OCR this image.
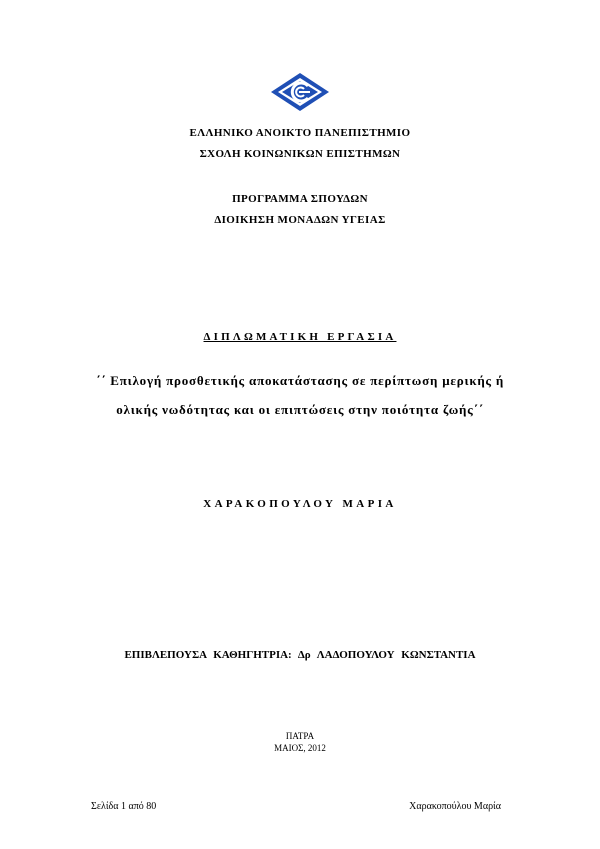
ΕΛΛΗΝΙΚΟ ΑΝΟΙΚΤΟ ΠΑΝΕΠΙΣΤΗΜΙΟ
ΣΧΟΛΗ ΚΟΙΝΩΝΙΚΩΝ ΕΠΙΣΤΗΜΩΝ
ΠΡΟΓΡΑΜΜΑ ΣΠΟΥΔΩΝ
ΔΙΟΙΚΗΣΗ ΜΟΝΑΔΩΝ ΥΓΕΙΑΣ
ΔΙΠΛΩΜΑΤΙΚΗ ΕΡΓΑΣΙΑ
΄΄ Επιλογή προσθετικής αποκατάστασης σε περίπτωση μερικής ή
ολικής νωδότητας και οι επιπτώσεις στην ποιότητα ζωής΄΄
ΧΑΡΑΚΟΠΟΥΛΟΥ ΜΑΡΙΑ
ΕΠΙΒΛΕΠΟΥΣΑ ΚΑΘΗΓΗΤΡΙΑ: Δρ ΛΑΔΟΠΟΥΛΟΥ ΚΩΝΣΤΑΝΤΙΑ
ΠΑΤΡΑ
ΜΑΙΟΣ, 2012
Σελίδα 1 από 80	Χαρακοπούλου Μαρία
